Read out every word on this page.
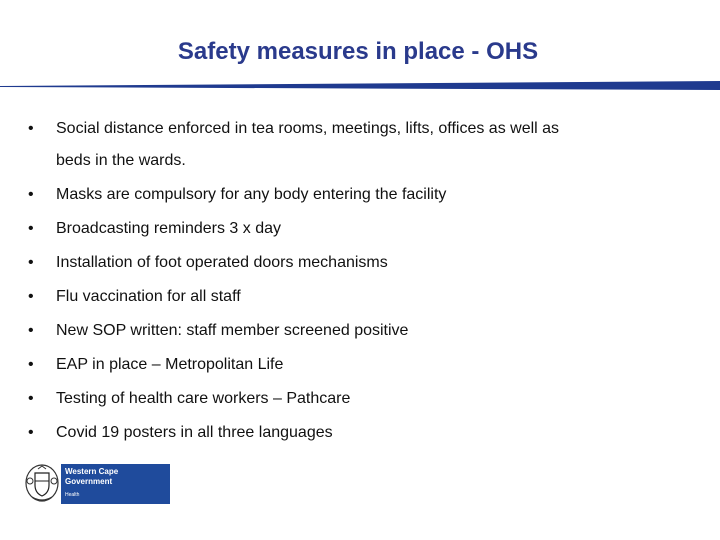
Safety measures in place - OHS
• Social distance enforced in tea rooms, meetings, lifts, offices as well as
beds in the wards.
• Masks are compulsory for any body entering the facility
• Broadcasting reminders 3 x day
• Installation of foot operated doors mechanisms
• Flu vaccination for all staff
• New SOP written: staff member screened positive
• EAP in place – Metropolitan Life
• Testing of health care workers – Pathcare
• Covid 19 posters in all three languages
Western Cape
Government
Health
